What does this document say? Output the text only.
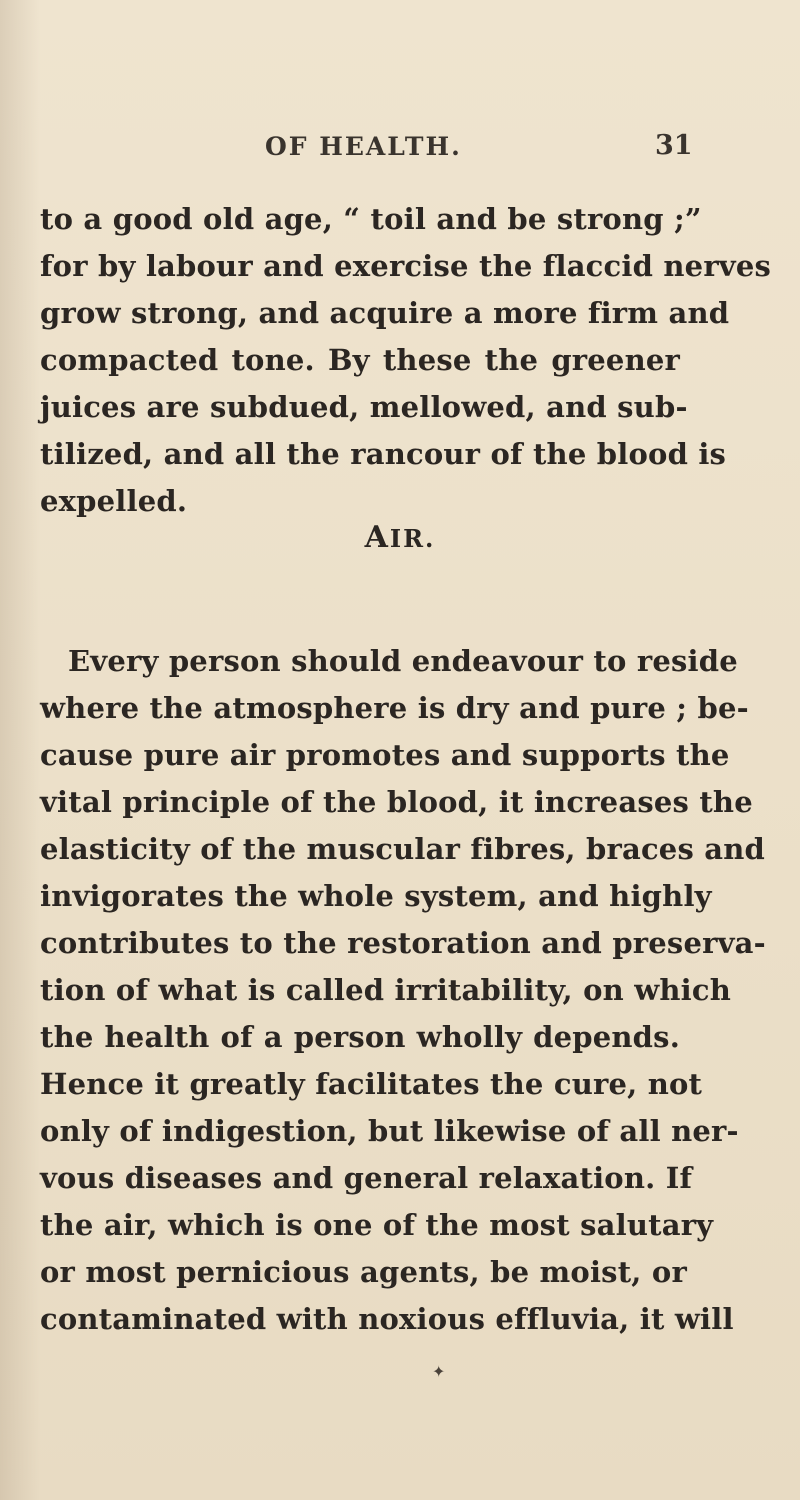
OF HEALTH.	31
to a good old age, “ toil and be strong ;”
for by labour and exercise the flaccid nerves
grow strong, and acquire a more firm and
compacted tone. By these the greener
juices are subdued, mellowed, and sub-
tilized, and all the rancour of the blood is
expelled.
AIR.
Every person should endeavour to reside
where the atmosphere is dry and pure ; be-
cause pure air promotes and supports the
vital principle of the blood, it increases the
elasticity of the muscular fibres, braces and
invigorates the whole system, and highly
contributes to the restoration and preserva-
tion of what is called irritability, on which
the health of a person wholly depends.
Hence it greatly facilitates the cure, not
only of indigestion, but likewise of all ner-
vous diseases and general relaxation. If
the air, which is one of the most salutary
or most pernicious agents, be moist, or
contaminated with noxious effluvia, it will
✦
